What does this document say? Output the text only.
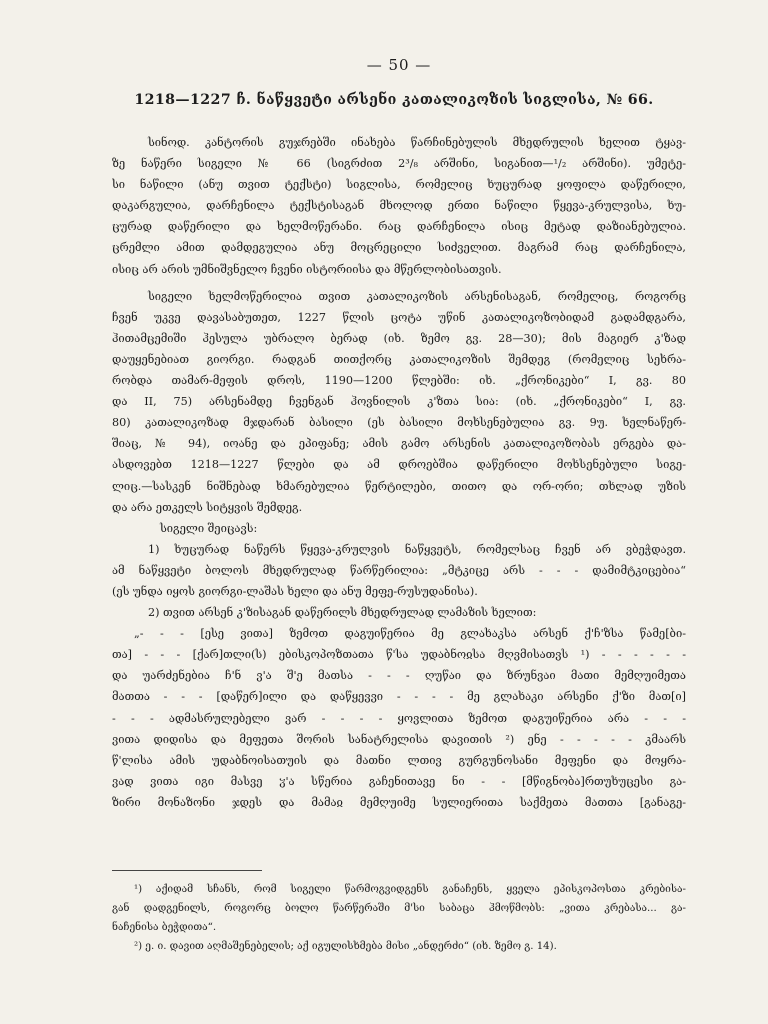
— 50 —
1218—1227 ჩ. ნაწყვეტი არსენი კათალიკოზის სიგლისა, № 66.
სინოდ. კანტორის გუჯრებში ინახება წარჩინებულის მხედრულის ხელით ტყავ-
ზე ნაწერი სიგელი № 66 (სიგრძით 2³/₈ არშინი, სიგანით—¹/₂ არშინი). უმეტე-
სი ნაწილი (ანუ თვით ტექსტი) სიგლისა, რომელიც ხუცურად ყოფილა დაწერილი,
დაკარგულია, დარჩენილა ტექსტისაგან მხოლოდ ერთი ნაწილი წყევა-კრულვისა, ხუ-
ცურად დაწერილი და ხელმოწერანი. რაც დარჩენილა ისიც მეტად დაზიანებულია.
ცრემლი ამით დამდეგულია ანუ მოცრეცილი სიძველით. მაგრამ რაც დარჩენილა,
ისიც არ არის უმნიშვნელო ჩვენი ისტორიისა და მწერლობისათვის.
სიგელი ხელმოწერილია თვით კათალიკოზის არსენისაგან, რომელიც, როგორც
ჩვენ უკვე დავასაბუთეთ, 1227 წლის ცოტა უწინ კათალიკოზობიდამ გადამდგარა,
ჰითამცემიში ჰესულა უბრალო ბერად (იხ. ზემო გვ. 28—30); მის მაგიერ კ'ზად
დაუყენებიათ გიორგი. რადგან თითქორც კათალიკოზის შემდეგ (რომელიც სეხრა-
რობდა თამარ-მეფის დროს, 1190—1200 წლებში: იხ. „ქრონიკები“ I, გვ. 80
და II, 75) არსენამდე ჩვენგან ჰოვნილის კ'ზთა სია: (იხ. „ქრონიკები“ I, გვ.
80) კათალიკოზად მჯდარან ბასილი (ეს ბასილი მოხსენებულია გვ. 9უ. ხელნაწერ-
შიაც, № 94), იოანე და ეპიფანე; ამის გამო არსენის კათალიკოზობას ერგება და-
ასდოვებთ 1218—1227 წლები და ამ დროებშია დაწერილი მოხსენებული სიგე-
ლიც.—სასკენ ნიშნებად ხმარებულია წერტილები, თითო და ორ-ორი; თხლად უზის
და არა ეთკელს სიტყვის შემდეგ.
სიგელი შეიცავს:
1) ხუცურად ნაწერს წყევა-კრულვის ნაწყვეტს, რომელსაც ჩვენ არ ვბეჭდავთ.
ამ ნაწყვეტი ბოლოს მხედრულად წარწერილია: „მტკიცე არს - - - დამიმტკიცებია“
(ეს უნდა იყოს გიორგი-ლაშას ხელი და ანუ მეფე-რუსუდანისა).
2) თვით არსენ კ'ზისაგან დაწერილს მხედრულად ლამაზის ხელით:
„- - - [ესე ვითა] ზემოთ დაგუიწერია მე გლახაკსა არსენ ქ'ჩ'ზსა წამე[ბი-
თა] - - - [ქარ]თლი(ს) ებისკოპოზთათა წ'სა უდაბნოჲსა მღვმისათვს ¹) - - - - - -
და უარძენებია ჩ'ნ ვ'ა შ'ე მათსა - - - ღუწაი და ზრუნვაი მათი მემღუიმეთა
მათთა - - - [დაწერ]ილი და დაწყევვი - - - - მე გლახაკი არსენი ქ'ზი მათ[ი]
- - - ადმასრულებელი ვარ - - - - ყოვლითა ზემოთ დაგუიწერია არა - - -
ვითა დიდისა და მეფეთა შორის სანატრელისა დავითის ²) ენე - - - - - კმაარს
წ'ლისა ამის უდაბნოისათუის და მათნი ლთივ გურგუნოსანი მეფენი და მოყრა-
ვად ვითა იგი მასვე ჳ'ა სწერია გაჩენითავე ნი - - [მწიგნობა]რთუხუცესი გა-
ზირი მონაზონი ჯდეს და მამაჲ მემღუიმე სულიერითა საქმეთა მათთა [განაგე-
¹) აქიდამ სჩანს, რომ სიგელი წარმოგვიდგენს განაჩენს, ყველა ეპისკოპოსთა კრებისა-
გან დადგენილს, როგორც ბოლო წარწერაში მ'სი საბაცა ჰმოწმობს: „ვითა კრებასა... გა-
ნაჩენისა ბეჭდითა“.
²) ე. ი. დავით აღმაშენებელის; აქ იგულისხმება მისი „ანდერძი“ (იხ. ზემო გ. 14).
